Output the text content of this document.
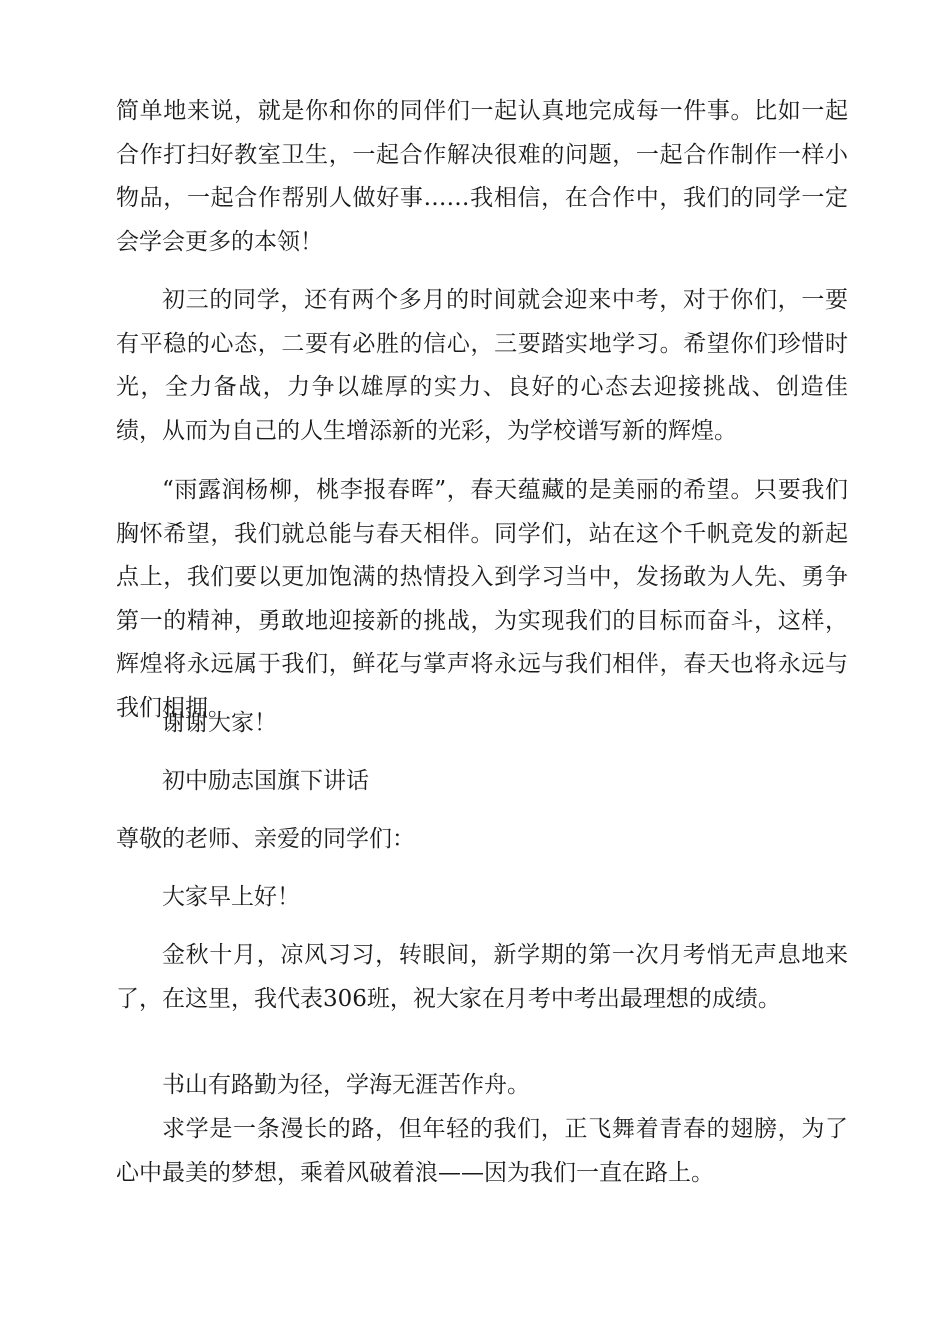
简单地来说，就是你和你的同伴们一起认真地完成每一件事。比如一起合作打扫好教室卫生，一起合作解决很难的问题，一起合作制作一样小物品，一起合作帮别人做好事……我相信，在合作中，我们的同学一定会学会更多的本领！

初三的同学，还有两个多月的时间就会迎来中考，对于你们，一要有平稳的心态，二要有必胜的信心，三要踏实地学习。希望你们珍惜时光，全力备战，力争以雄厚的实力、良好的心态去迎接挑战、创造佳绩，从而为自己的人生增添新的光彩，为学校谱写新的辉煌。

“雨露润杨柳，桃李报春晖”，春天蕴藏的是美丽的希望。只要我们胸怀希望，我们就总能与春天相伴。同学们，站在这个千帆竞发的新起点上，我们要以更加饱满的热情投入到学习当中，发扬敢为人先、勇争第一的精神，勇敢地迎接新的挑战，为实现我们的目标而奋斗，这样，辉煌将永远属于我们，鲜花与掌声将永远与我们相伴，春天也将永远与我们相拥。

谢谢大家！

初中励志国旗下讲话

尊敬的老师、亲爱的同学们：

大家早上好！

金秋十月，凉风习习，转眼间，新学期的第一次月考悄无声息地来了，在这里，我代表306班，祝大家在月考中考出最理想的成绩。

书山有路勤为径，学海无涯苦作舟。

求学是一条漫长的路，但年轻的我们，正飞舞着青春的翅膀，为了心中最美的梦想，乘着风破着浪——因为我们一直在路上。
